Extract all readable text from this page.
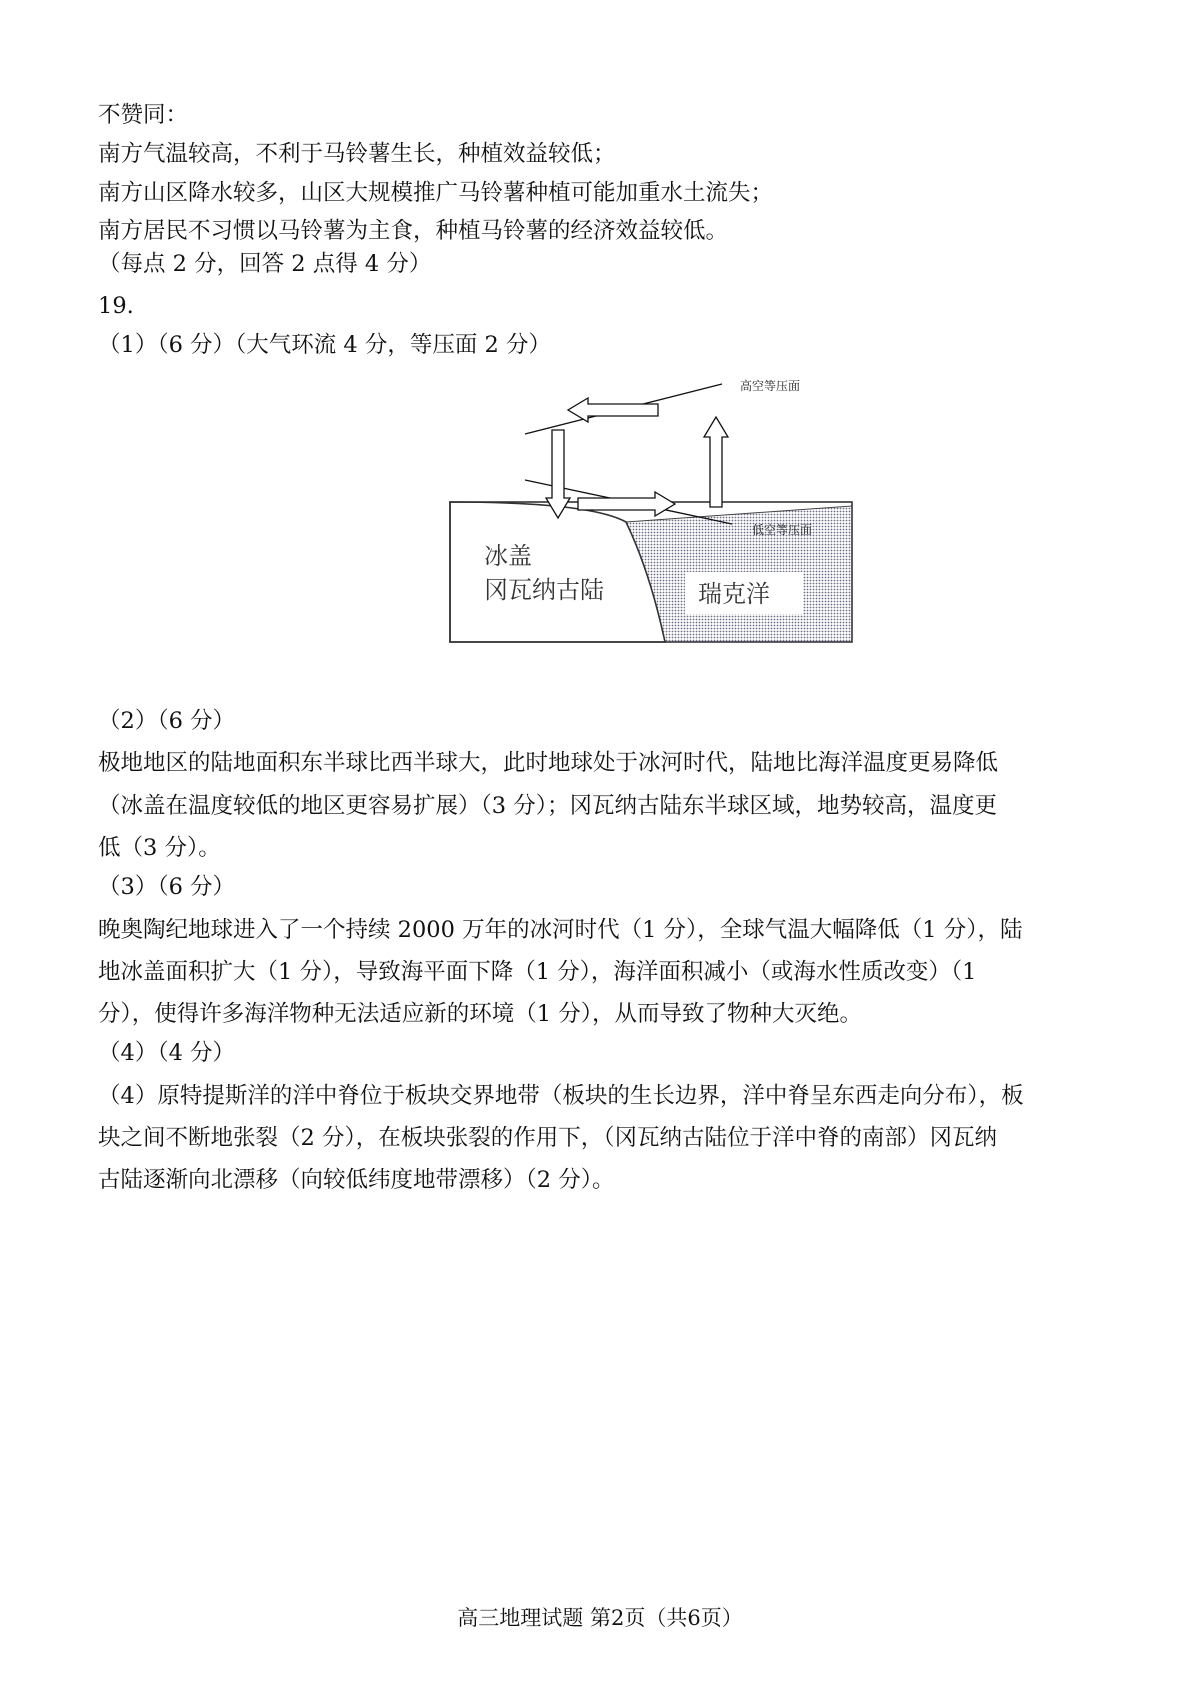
不赞同：
南方气温较高，不利于马铃薯生长，种植效益较低；
南方山区降水较多，山区大规模推广马铃薯种植可能加重水土流失；
南方居民不习惯以马铃薯为主食，种植马铃薯的经济效益较低。
（每点 2 分，回答 2 点得 4 分）
19.
（1）（6 分）（大气环流 4 分，等压面 2 分）
高空等压面
低空等压面
冰盖
冈瓦纳古陆	瑞克洋
（2）（6 分）
极地地区的陆地面积东半球比西半球大，此时地球处于冰河时代，陆地比海洋温度更易降低
（冰盖在温度较低的地区更容易扩展）（3 分）；冈瓦纳古陆东半球区域，地势较高，温度更
低（3 分）。
（3）（6 分）
晚奥陶纪地球进入了一个持续 2000 万年的冰河时代（1 分），全球气温大幅降低（1 分），陆
地冰盖面积扩大（1 分），导致海平面下降（1 分），海洋面积减小（或海水性质改变）（1
分），使得许多海洋物种无法适应新的环境（1 分），从而导致了物种大灭绝。
（4）（4 分）
（4）原特提斯洋的洋中脊位于板块交界地带（板块的生长边界，洋中脊呈东西走向分布），板
块之间不断地张裂（2 分），在板块张裂的作用下，（冈瓦纳古陆位于洋中脊的南部）冈瓦纳
古陆逐渐向北漂移（向较低纬度地带漂移）（2 分）。
高三地理试题 第2页（共6页）
